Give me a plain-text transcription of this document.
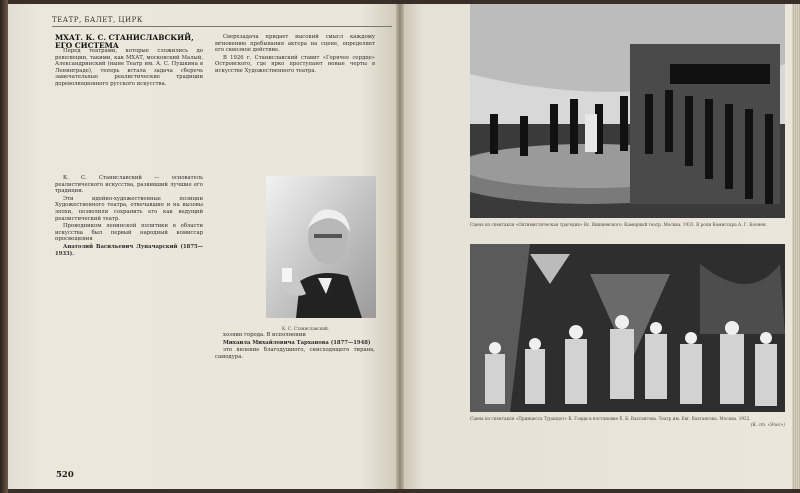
ТЕАТР, БАЛЕТ, ЦИРК
МХАТ. К. С. СТАНИСЛАВСКИЙ, ЕГО СИСТЕМА

Перед театрами, которые сложились до революции, такими, как МХАТ, московский Малый, Александринский (ныне Театр им. А. С. Пушкина в Ленинграде), теперь встала задача сберечь замечательные реалистические традиции дореволюционного русского искусства.

К. С. Станиславский — основатель реалистического искусства, развивший лучшие его традиции.

Эти идейно-художественные позиции Художественного театра, отвечавшие и на вызовы эпохи, позволили сохранить его как ведущий реалистический театр.

Проводником ленинской политики в области искусства был первый народный комиссар просвещения

Анатолий Васильевич Луначарский (1875—1933).

Сверхзадача придает высокий смысл каждому мгновению пребывания актера на сцене, определяет его сквозное действие.

В 1926 г. Станиславский ставит «Горячее сердце» Островского, где ярко проступают новые черты в искусстве Художественного театра.

К. С. Станиславский.

хозяин города. В исполнении

Михаила Михайловича Тарханова (1877—1948)

это явление благодушного, снисходящего тирана, самодура.

520
Сцена из спектакля «Оптимистическая трагедия» Вс. Вишневского. Камерный театр. Москва. 1933. В роли Комиссара А. Г. Коонен.
Сцена из спектакля «Принцесса Турандот» К. Гоцци в постановке Е. Б. Вахтангова. Театр им. Евг. Вахтангова. Москва. 1922.
(К. ст. «Эпос»)
